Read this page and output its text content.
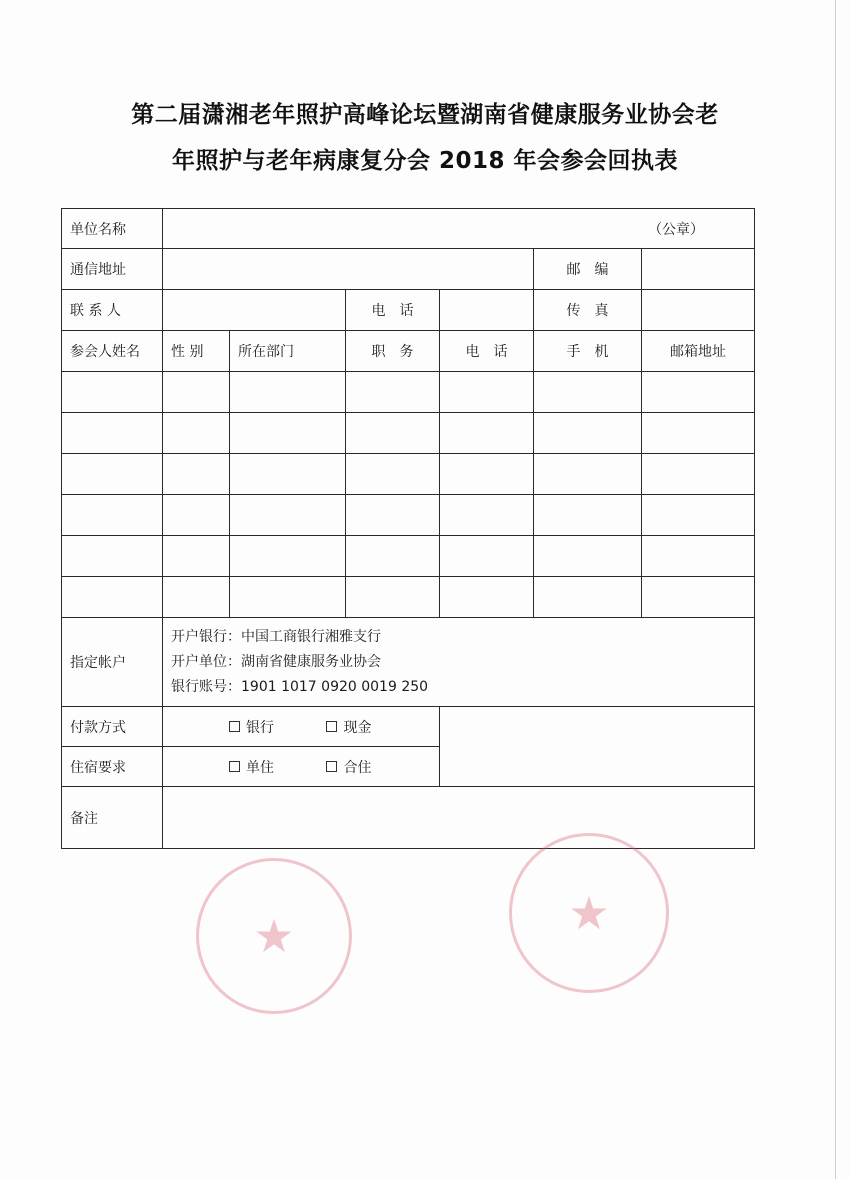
第二届潇湘老年照护高峰论坛暨湖南省健康服务业协会老
年照护与老年病康复分会 2018 年会参会回执表
单位名称	（公章）					

通信地址					邮　编	
联 系 人			电　话		传　真	
参会人姓名	性 别	所在部门	职　务	电　话	手　机	邮箱地址

指定帐户	开户银行：中国工商银行湘雅支行
开户单位：湖南省健康服务业协会
银行账号：1901 1017 0920 0019 250					

付款方式	银行 现金					
住宿要求	单住 合住					
备注						
★	★
